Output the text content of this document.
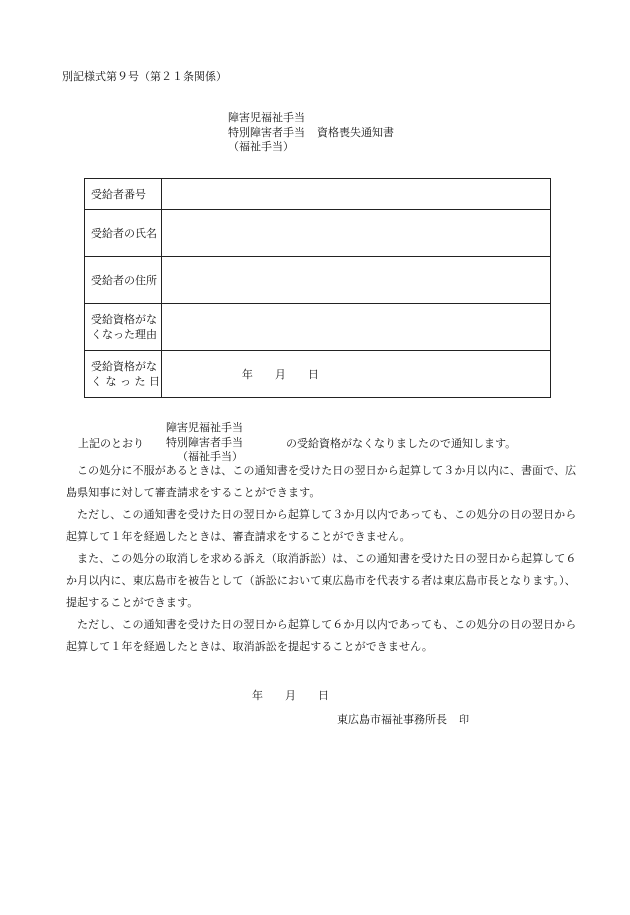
別記様式第９号（第２１条関係）
障害児福祉手当
特別障害者手当 資格喪失通知書
（福祉手当）
受給者番号	
受給者の氏名	
受給者の住所	

受給資格がな
くなった理由	

受給資格がな
く な っ た 日	年 月 日
上記のとおり
障害児福祉手当
特別障害者手当
（福祉手当）
の受給資格がなくなりましたので通知します。

この処分に不服があるときは、この通知書を受けた日の翌日から起算して３か月以内に、書面で、広島県知事に対して審査請求をすることができます。

ただし、この通知書を受けた日の翌日から起算して３か月以内であっても、この処分の日の翌日から起算して１年を経過したときは、審査請求をすることができません。

また、この処分の取消しを求める訴え（取消訴訟）は、この通知書を受けた日の翌日から起算して６か月以内に、東広島市を被告として（訴訟において東広島市を代表する者は東広島市長となります。）、提起することができます。

ただし、この通知書を受けた日の翌日から起算して６か月以内であっても、この処分の日の翌日から起算して１年を経過したときは、取消訴訟を提起することができません。

年 月 日
東広島市福祉事務所長 印
